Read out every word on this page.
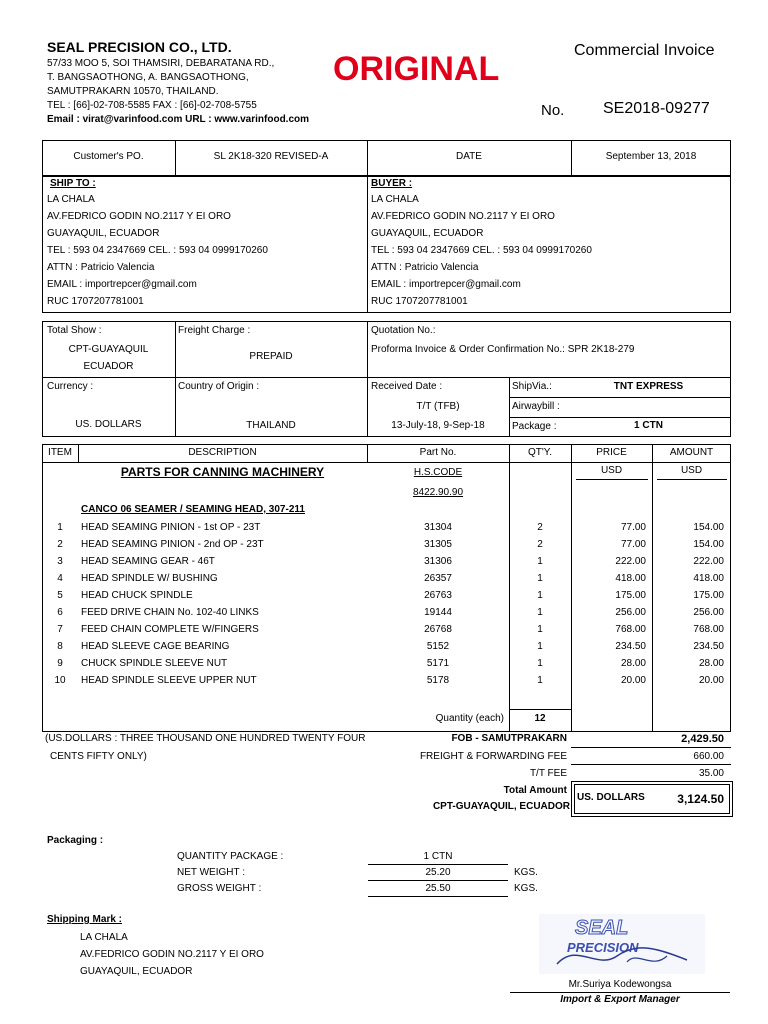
SEAL PRECISION CO., LTD.
57/33 MOO 5, SOI THAMSIRI, DEBARATANA RD.,
T. BANGSAOTHONG, A. BANGSAOTHONG,
SAMUTPRAKARN 10570, THAILAND.
TEL : [66]-02-708-5585 FAX : [66]-02-708-5755
Email : virat@varinfood.com URL : www.varinfood.com
ORIGINAL	Commercial Invoice
No. SE2018-09277
Customer's PO.	SL 2K18-320 REVISED-A	DATE	September 13, 2018
SHIP TO :	BUYER :
LA CHALA
AV.FEDRICO GODIN NO.2117 Y EI ORO
GUAYAQUIL, ECUADOR
TEL : 593 04 2347669 CEL. : 593 04 0999170260
ATTN : Patricio Valencia
EMAIL : importrepcer@gmail.com
RUC 1707207781001
LA CHALA
AV.FEDRICO GODIN NO.2117 Y EI ORO
GUAYAQUIL, ECUADOR
TEL : 593 04 2347669 CEL. : 593 04 0999170260
ATTN : Patricio Valencia
EMAIL : importrepcer@gmail.com
RUC 1707207781001
Total Show :
CPT-GUAYAQUIL
ECUADOR
Freight Charge :
PREPAID
Quotation No.:
Proforma Invoice & Order Confirmation No.: SPR 2K18-279
Currency :
US. DOLLARS
Country of Origin :
THAILAND
Received Date :
T/T (TFB)
13-July-18, 9-Sep-18
ShipVia.:	TNT EXPRESS
Airwaybill :
Package :	1 CTN
ITEM	DESCRIPTION	Part No.	QT'Y.	PRICE	AMOUNT
PARTS FOR CANNING MACHINERY	H.S.CODE
8422.90.90
USD	USD
CANCO 06 SEAMER / SEAMING HEAD, 307-211
1	HEAD SEAMING PINION - 1st OP - 23T	31304	2	77.00	154.00
2	HEAD SEAMING PINION - 2nd OP - 23T	31305	2	77.00	154.00
3	HEAD SEAMING GEAR - 46T	31306	1	222.00	222.00
4	HEAD SPINDLE W/ BUSHING	26357	1	418.00	418.00
5	HEAD CHUCK SPINDLE	26763	1	175.00	175.00
6	FEED DRIVE CHAIN No. 102-40 LINKS	19144	1	256.00	256.00
7	FEED CHAIN COMPLETE W/FINGERS	26768	1	768.00	768.00
8	HEAD SLEEVE CAGE BEARING	5152	1	234.50	234.50
9	CHUCK SPINDLE SLEEVE NUT	5171	1	28.00	28.00
10	HEAD SPINDLE SLEEVE UPPER NUT	5178	1	20.00	20.00
Quantity (each)	12
(US.DOLLARS : THREE THOUSAND ONE HUNDRED TWENTY FOUR
CENTS FIFTY ONLY)
FOB - SAMUTPRAKARN	2,429.50
FREIGHT & FORWARDING FEE	660.00
T/T FEE	35.00
Total Amount
CPT-GUAYAQUIL, ECUADOR
US. DOLLARS	3,124.50
Packaging :
QUANTITY PACKAGE :	1 CTN
NET WEIGHT :	25.20	KGS.
GROSS WEIGHT :	25.50	KGS.
Shipping Mark :
LA CHALA
AV.FEDRICO GODIN NO.2117 Y EI ORO
GUAYAQUIL, ECUADOR
SEAL
PRECISION
Mr.Suriya Kodewongsa
Import & Export Manager
